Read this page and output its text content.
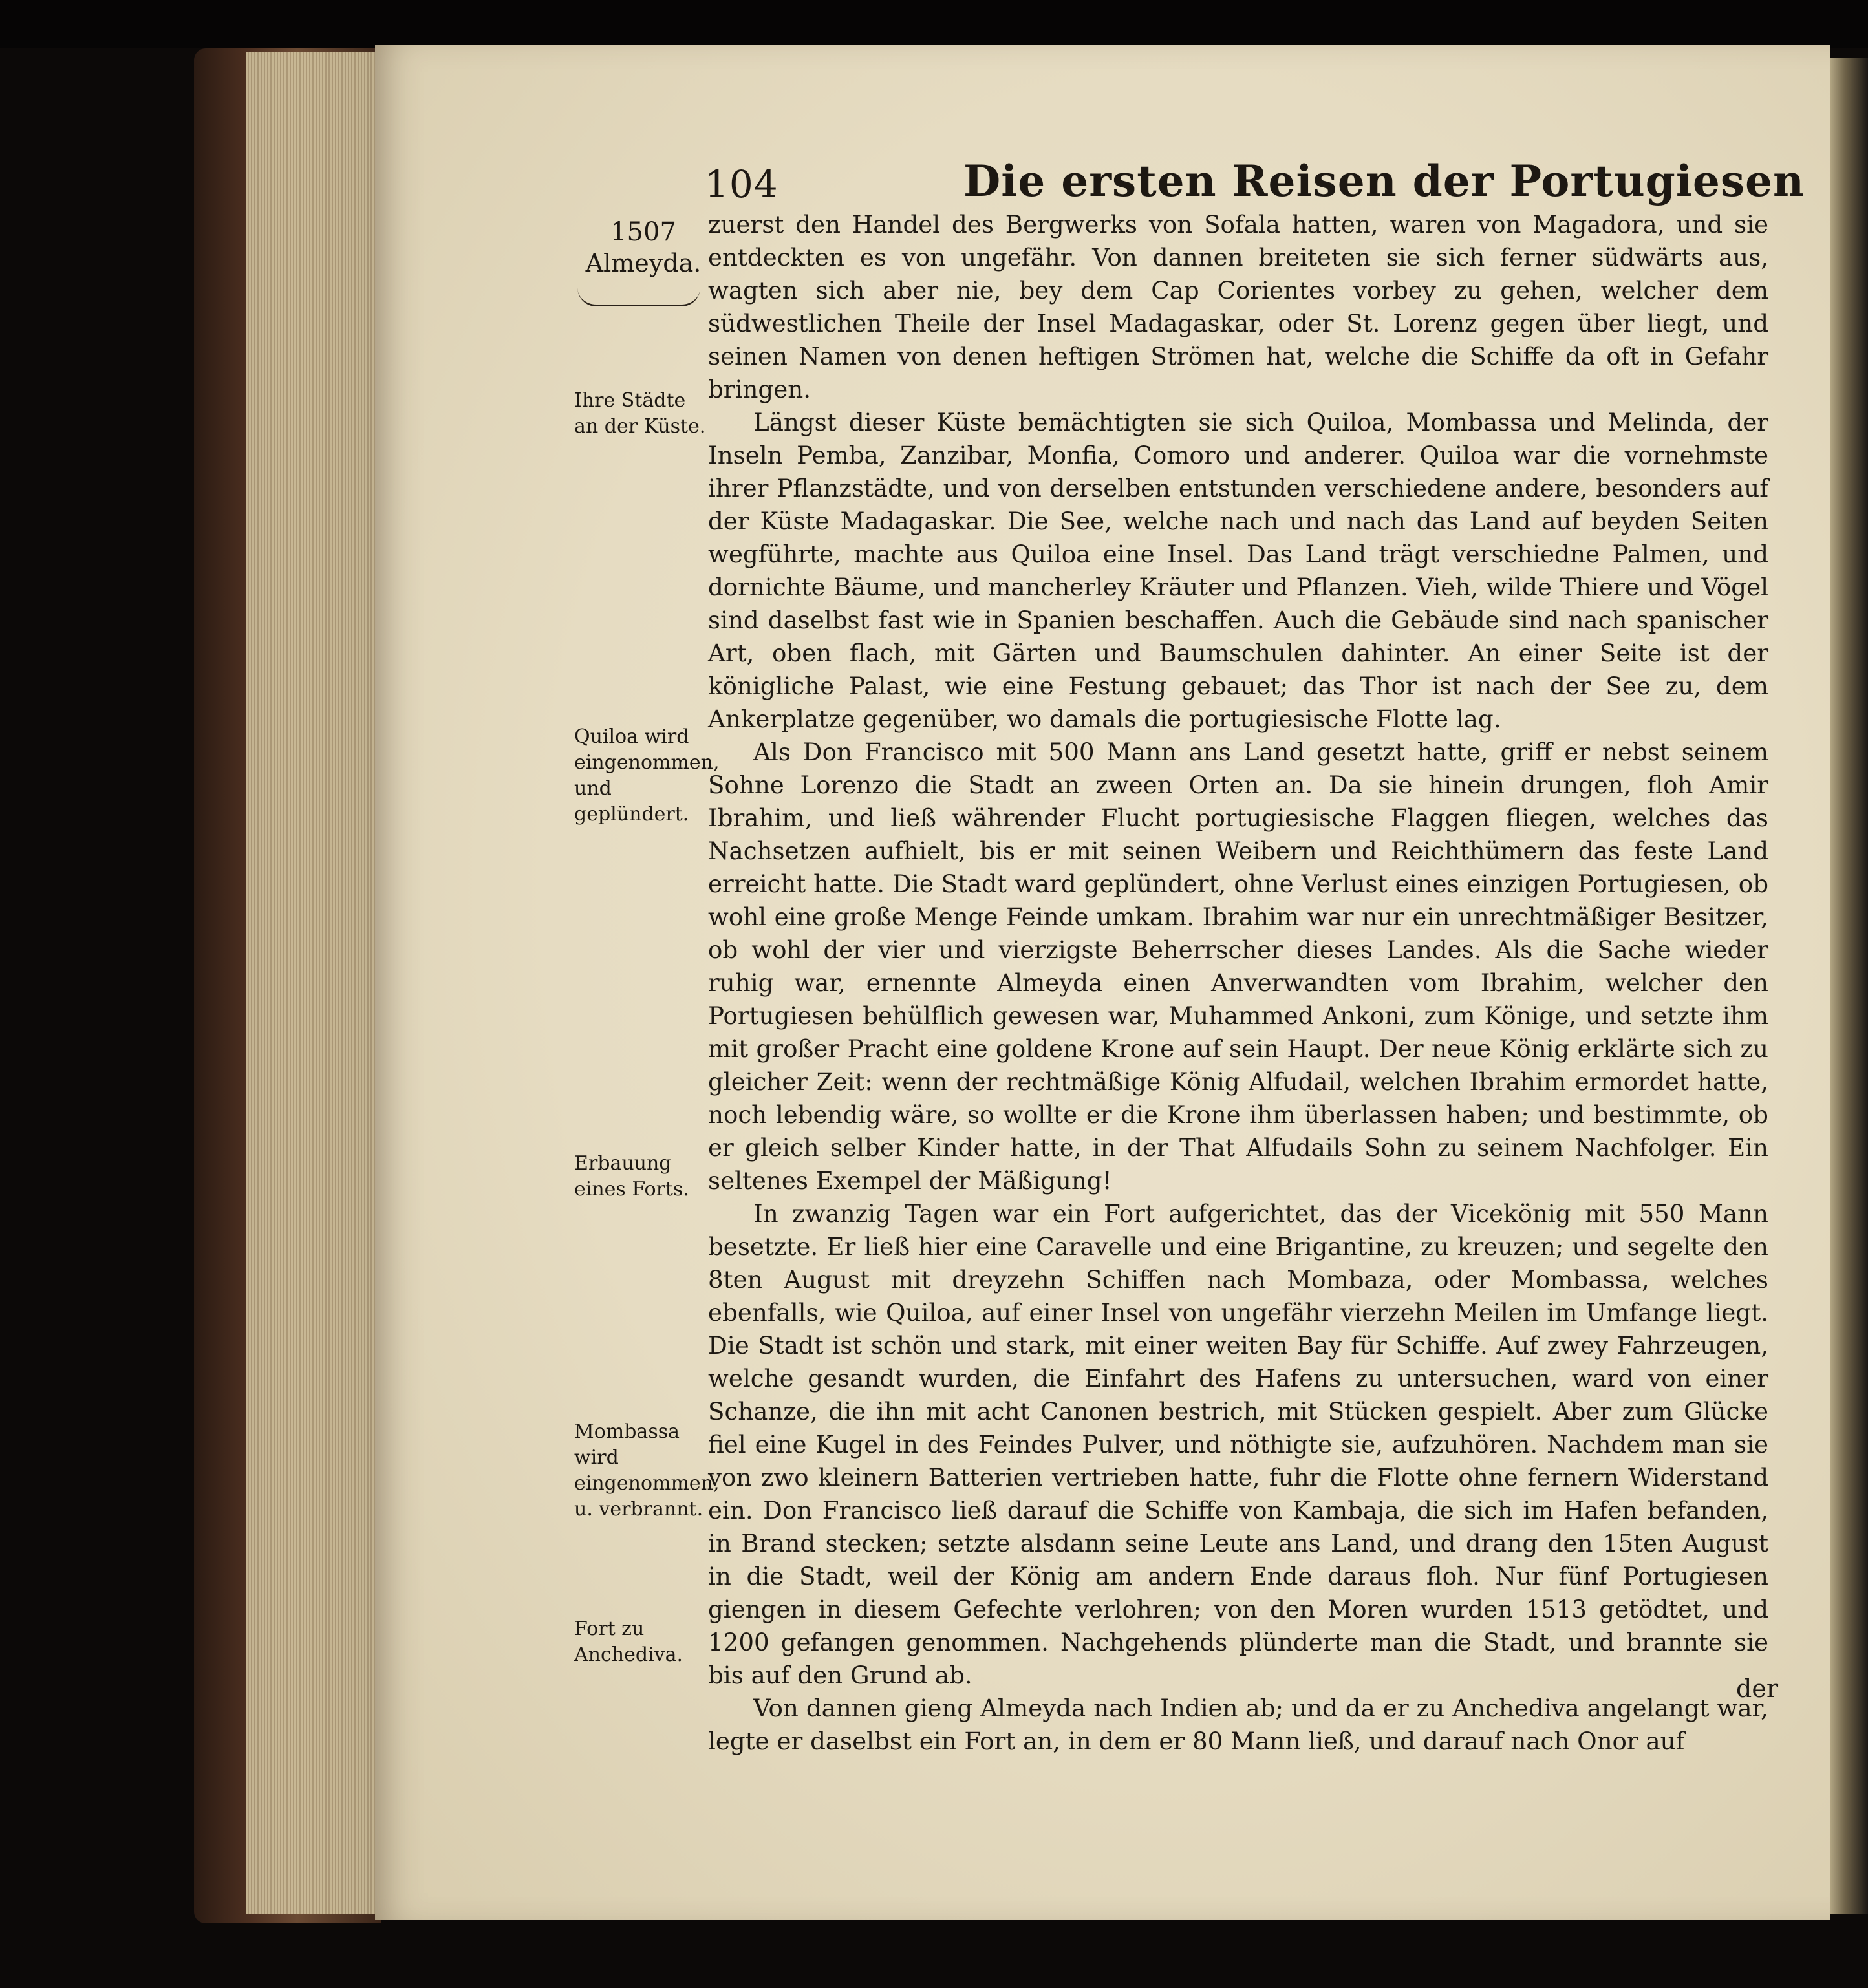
104	Die ersten Reisen der Portugiesen
1507
Almeyda.
Ihre Städte an der Küste.
Quiloa wird eingenommen, und geplündert.
Erbauung eines Forts.
Mombassa wird eingenommen, u. verbrannt.
Fort zu Anchediva.

zuerst den Handel des Bergwerks von Sofala hatten, waren von Magadora, und sie entdeckten es von ungefähr. Von dannen breiteten sie sich ferner südwärts aus, wagten sich aber nie, bey dem Cap Corientes vorbey zu gehen, welcher dem südwestlichen Theile der Insel Madagaskar, oder St. Lorenz gegen über liegt, und seinen Namen von denen heftigen Strömen hat, welche die Schiffe da oft in Gefahr bringen.

Längst dieser Küste bemächtigten sie sich Quiloa, Mombassa und Melinda, der Inseln Pemba, Zanzibar, Monfia, Comoro und anderer. Quiloa war die vornehmste ihrer Pflanzstädte, und von derselben entstunden verschiedene andere, besonders auf der Küste Madagaskar. Die See, welche nach und nach das Land auf beyden Seiten wegführte, machte aus Quiloa eine Insel. Das Land trägt verschiedne Palmen, und dornichte Bäume, und mancherley Kräuter und Pflanzen. Vieh, wilde Thiere und Vögel sind daselbst fast wie in Spanien beschaffen. Auch die Gebäude sind nach spanischer Art, oben flach, mit Gärten und Baumschulen dahinter. An einer Seite ist der königliche Palast, wie eine Festung gebauet; das Thor ist nach der See zu, dem Ankerplatze gegenüber, wo damals die portugiesische Flotte lag.

Als Don Francisco mit 500 Mann ans Land gesetzt hatte, griff er nebst seinem Sohne Lorenzo die Stadt an zween Orten an. Da sie hinein drungen, floh Amir Ibrahim, und ließ währender Flucht portugiesische Flaggen fliegen, welches das Nachsetzen aufhielt, bis er mit seinen Weibern und Reichthümern das feste Land erreicht hatte. Die Stadt ward geplündert, ohne Verlust eines einzigen Portugiesen, ob wohl eine große Menge Feinde umkam. Ibrahim war nur ein unrechtmäßiger Besitzer, ob wohl der vier und vierzigste Beherrscher dieses Landes. Als die Sache wieder ruhig war, ernennte Almeyda einen Anverwandten vom Ibrahim, welcher den Portugiesen behülflich gewesen war, Muhammed Ankoni, zum Könige, und setzte ihm mit großer Pracht eine goldene Krone auf sein Haupt. Der neue König erklärte sich zu gleicher Zeit: wenn der rechtmäßige König Alfudail, welchen Ibrahim ermordet hatte, noch lebendig wäre, so wollte er die Krone ihm überlassen haben; und bestimmte, ob er gleich selber Kinder hatte, in der That Alfudails Sohn zu seinem Nachfolger. Ein seltenes Exempel der Mäßigung!

In zwanzig Tagen war ein Fort aufgerichtet, das der Vicekönig mit 550 Mann besetzte. Er ließ hier eine Caravelle und eine Brigantine, zu kreuzen; und segelte den 8ten August mit dreyzehn Schiffen nach Mombaza, oder Mombassa, welches ebenfalls, wie Quiloa, auf einer Insel von ungefähr vierzehn Meilen im Umfange liegt. Die Stadt ist schön und stark, mit einer weiten Bay für Schiffe. Auf zwey Fahrzeugen, welche gesandt wurden, die Einfahrt des Hafens zu untersuchen, ward von einer Schanze, die ihn mit acht Canonen bestrich, mit Stücken gespielt. Aber zum Glücke fiel eine Kugel in des Feindes Pulver, und nöthigte sie, aufzuhören. Nachdem man sie von zwo kleinern Batterien vertrieben hatte, fuhr die Flotte ohne fernern Widerstand ein. Don Francisco ließ darauf die Schiffe von Kambaja, die sich im Hafen befanden, in Brand stecken; setzte alsdann seine Leute ans Land, und drang den 15ten August in die Stadt, weil der König am andern Ende daraus floh. Nur fünf Portugiesen giengen in diesem Gefechte verlohren; von den Moren wurden 1513 getödtet, und 1200 gefangen genommen. Nachgehends plünderte man die Stadt, und brannte sie bis auf den Grund ab.

Von dannen gieng Almeyda nach Indien ab; und da er zu Anchediva angelangt war, legte er daselbst ein Fort an, in dem er 80 Mann ließ, und darauf nach Onor auf

der
